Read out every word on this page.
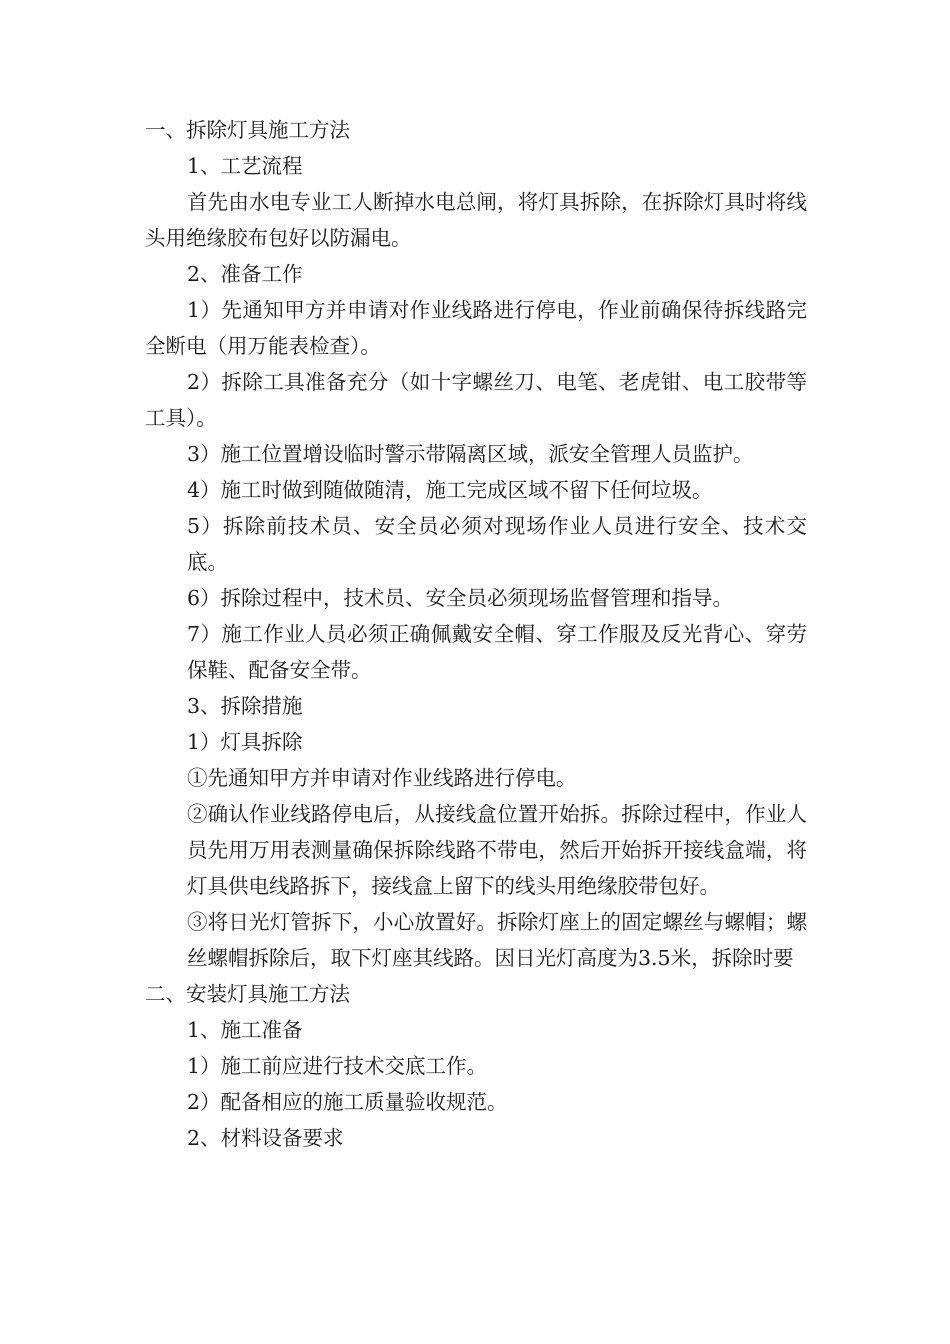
一、拆除灯具施工方法

1、工艺流程

首先由水电专业工人断掉水电总闸，将灯具拆除，在拆除灯具时将线头用绝缘胶布包好以防漏电。

2、准备工作

1）先通知甲方并申请对作业线路进行停电，作业前确保待拆线路完全断电（用万能表检查）。

2）拆除工具准备充分（如十字螺丝刀、电笔、老虎钳、电工胶带等工具）。

3）施工位置增设临时警示带隔离区域，派安全管理人员监护。

4）施工时做到随做随清，施工完成区域不留下任何垃圾。

5）拆除前技术员、安全员必须对现场作业人员进行安全、技术交底。

6）拆除过程中，技术员、安全员必须现场监督管理和指导。

7）施工作业人员必须正确佩戴安全帽、穿工作服及反光背心、穿劳保鞋、配备安全带。

3、拆除措施

1）灯具拆除

①先通知甲方并申请对作业线路进行停电。

②确认作业线路停电后，从接线盒位置开始拆。拆除过程中，作业人员先用万用表测量确保拆除线路不带电，然后开始拆开接线盒端，将灯具供电线路拆下，接线盒上留下的线头用绝缘胶带包好。

③将日光灯管拆下，小心放置好。拆除灯座上的固定螺丝与螺帽；螺丝螺帽拆除后，取下灯座其线路。因日光灯高度为3.5米，拆除时要

二、安装灯具施工方法

1、施工准备

1）施工前应进行技术交底工作。

2）配备相应的施工质量验收规范。

2、材料设备要求
